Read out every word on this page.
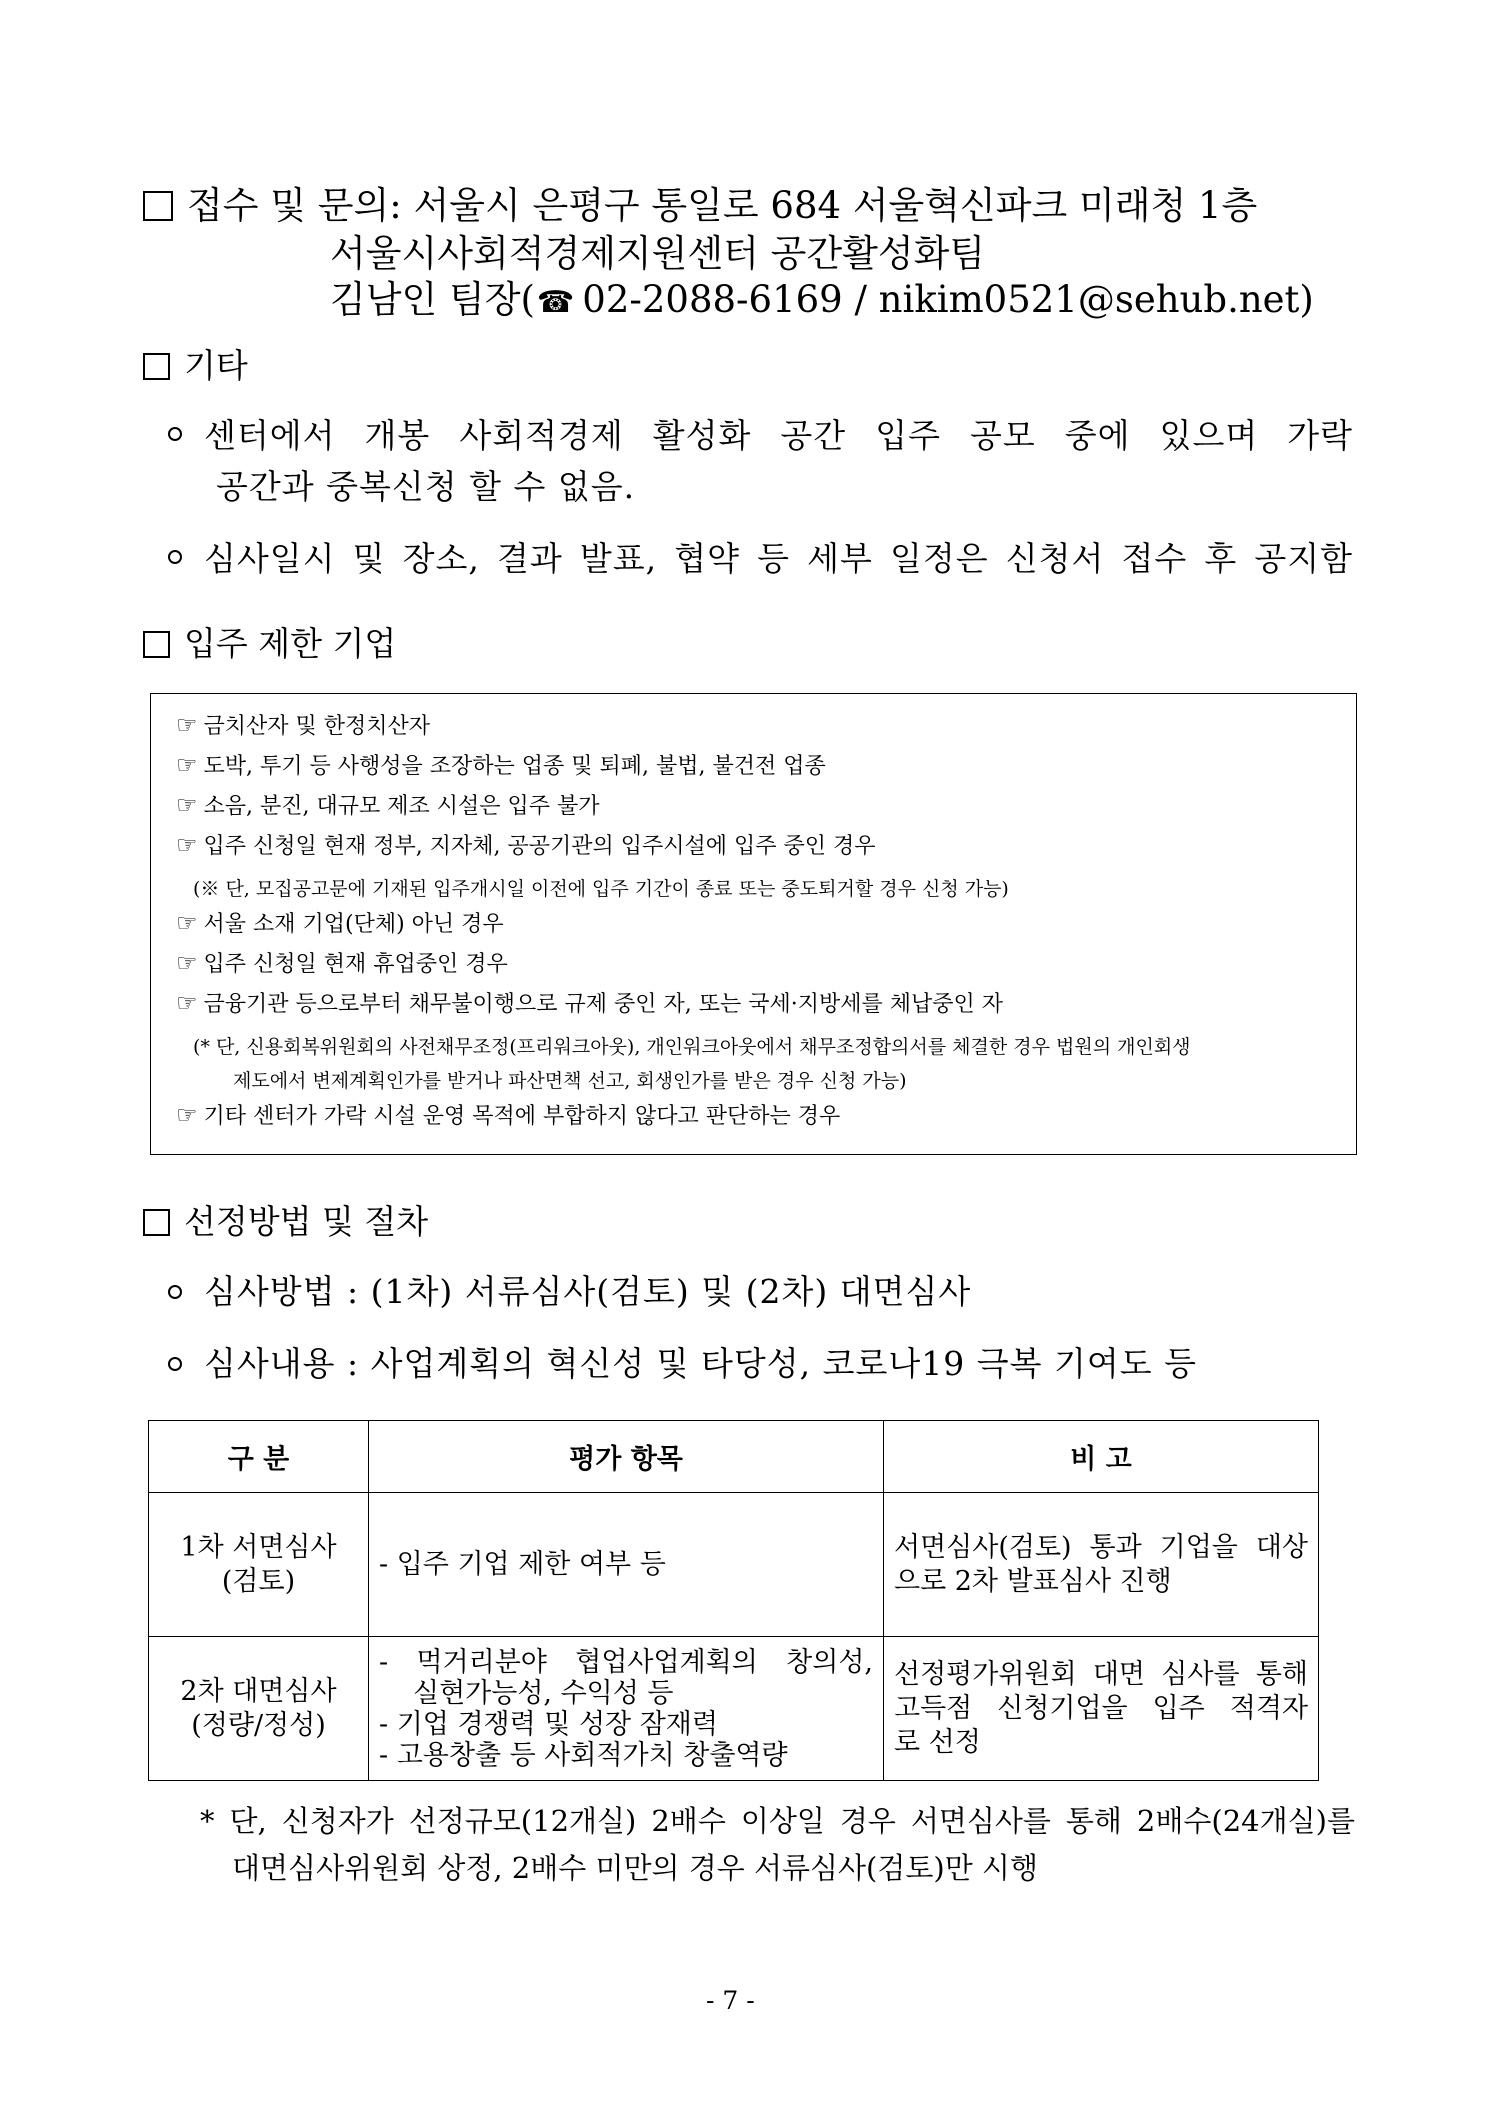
접수 및 문의: 서울시 은평구 통일로 684 서울혁신파크 미래청 1층
서울시사회적경제지원센터 공간활성화팀
김남인 팀장(☎ 02-2088-6169 / nikim0521@sehub.net)
기타
센터에서 개봉 사회적경제 활성화 공간 입주 공모 중에 있으며 가락
공간과 중복신청 할 수 없음.
심사일시 및 장소, 결과 발표, 협약 등 세부 일정은 신청서 접수 후 공지함
입주 제한 기업
☞ 금치산자 및 한정치산자
☞ 도박, 투기 등 사행성을 조장하는 업종 및 퇴폐, 불법, 불건전 업종
☞ 소음, 분진, 대규모 제조 시설은 입주 불가
☞ 입주 신청일 현재 정부, 지자체, 공공기관의 입주시설에 입주 중인 경우
(※ 단, 모집공고문에 기재된 입주개시일 이전에 입주 기간이 종료 또는 중도퇴거할 경우 신청 가능)
☞ 서울 소재 기업(단체) 아닌 경우
☞ 입주 신청일 현재 휴업중인 경우
☞ 금융기관 등으로부터 채무불이행으로 규제 중인 자, 또는 국세·지방세를 체납중인 자
(* 단, 신용회복위원회의 사전채무조정(프리워크아웃), 개인워크아웃에서 채무조정합의서를 체결한 경우 법원의 개인회생
제도에서 변제계획인가를 받거나 파산면책 선고, 회생인가를 받은 경우 신청 가능)
☞ 기타 센터가 가락 시설 운영 목적에 부합하지 않다고 판단하는 경우
선정방법 및 절차
심사방법 : (1차) 서류심사(검토) 및 (2차) 대면심사
심사내용 : 사업계획의 혁신성 및 타당성, 코로나19 극복 기여도 등
구 분	평가 항목	비 고

1차 서면심사
(검토)	- 입주 기업 제한 여부 등	서면심사(검토) 통과 기업을 대상
으로 2차 발표심사 진행

2차 대면심사
(정량/정성)	- 먹거리분야 협업사업계획의 창의성,
실현가능성, 수익성 등
- 기업 경쟁력 및 성장 잠재력
- 고용창출 등 사회적가치 창출역량	선정평가위원회 대면 심사를 통해
고득점 신청기업을 입주 적격자
로 선정
* 단, 신청자가 선정규모(12개실) 2배수 이상일 경우 서면심사를 통해 2배수(24개실)를
대면심사위원회 상정, 2배수 미만의 경우 서류심사(검토)만 시행
- 7 -
